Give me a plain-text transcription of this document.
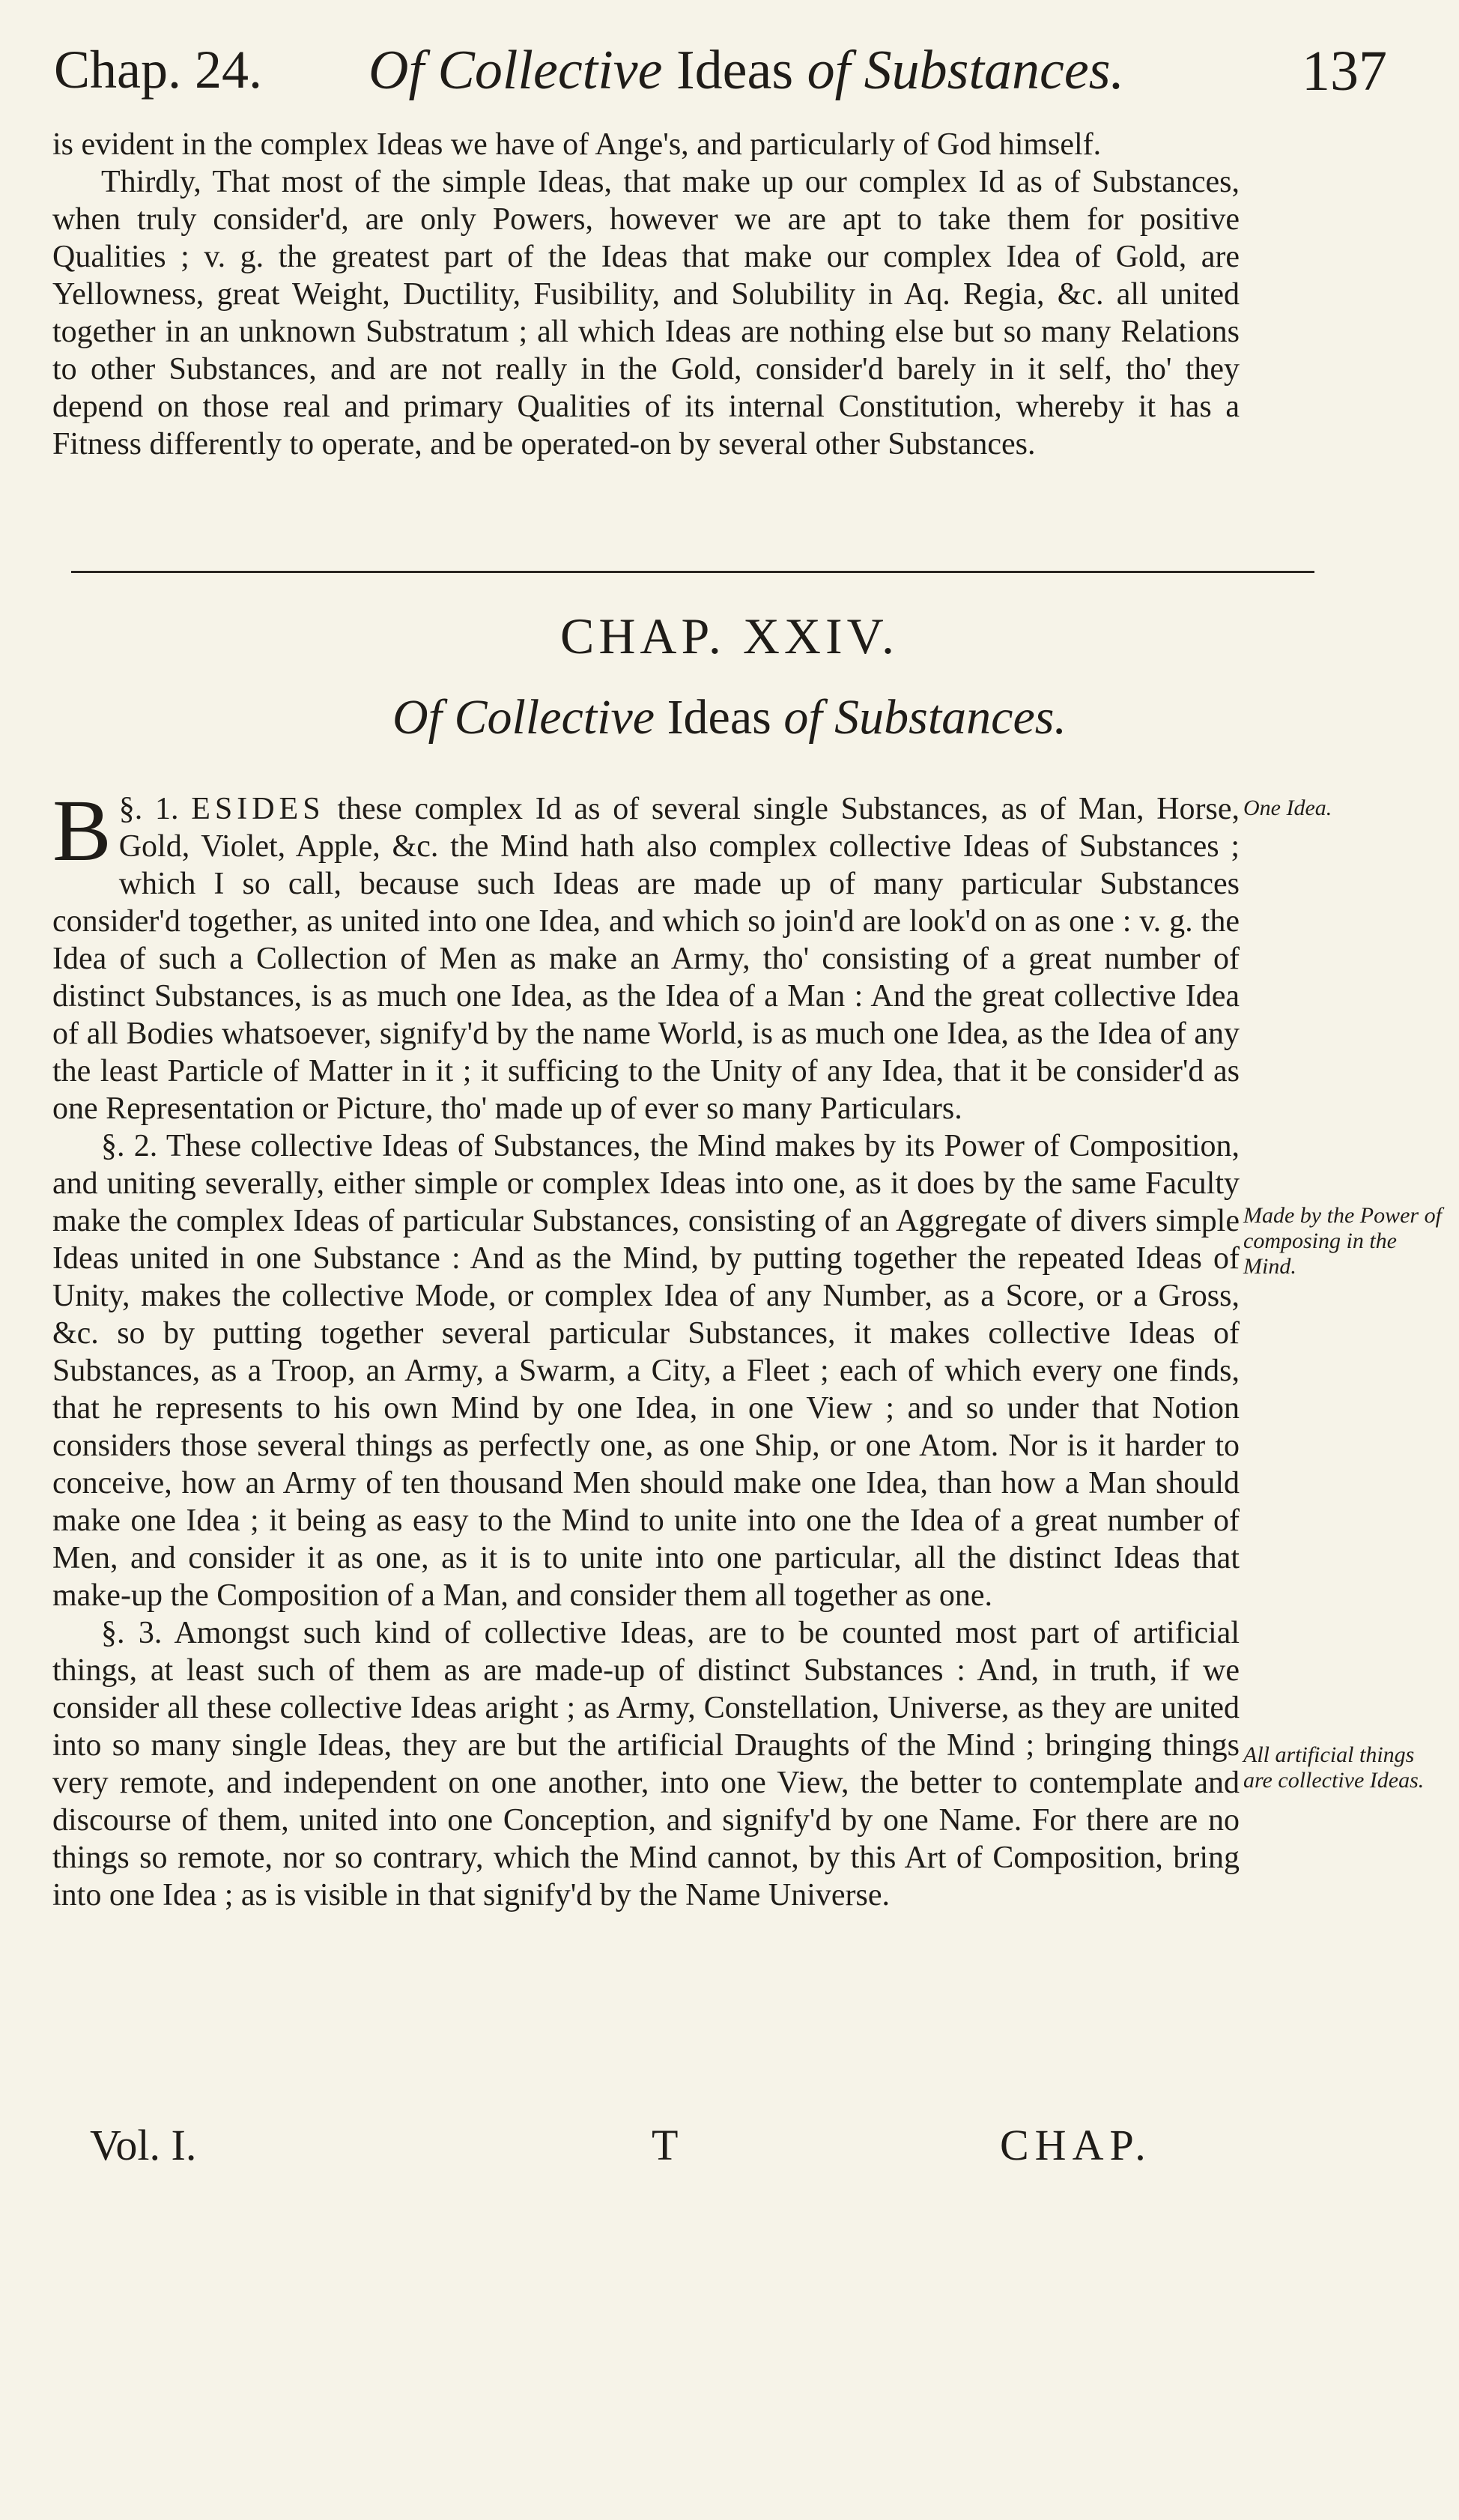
Chap. 24. Of Collective Ideas of Substances.	137

is evident in the complex Ideas we have of Ange's, and particularly of God himself.

Thirdly, That most of the simple Ideas, that make up our complex Id as of Substances, when truly consider'd, are only Powers, however we are apt to take them for positive Qualities ; v. g. the greatest part of the Ideas that make our complex Idea of Gold, are Yellowness, great Weight, Ductility, Fusibility, and Solubility in Aq. Regia, &c. all united together in an unknown Substratum ; all which Ideas are nothing else but so many Relations to other Substances, and are not really in the Gold, consider'd barely in it self, tho' they depend on those real and primary Qualities of its internal Constitution, whereby it has a Fitness differently to operate, and be operated-on by several other Substances.

CHAP. XXIV.
Of Collective Ideas of Substances.

§. 1.
B	ESIDES these complex Id as of several single Substances, as of Man, Horse, Gold, Violet, Apple, &c. the Mind hath also complex collective Ideas of Substances ; which I so call, because such Ideas are made up of many particular Substances consider'd together, as united into one Idea, and which so join'd are look'd on as one : v. g. the Idea of such a Collection of Men as make an Army, tho' consisting of a great number of distinct Substances, is as much one Idea, as the Idea of a Man : And the great collective Idea of all Bodies whatsoever, signify'd by the name World, is as much one Idea, as the Idea of any the least Particle of Matter in it ; it sufficing to the Unity of any Idea, that it be consider'd as one Representation or Picture, tho' made up of ever so many Particulars.

§. 2. These collective Ideas of Substances, the Mind makes by its Power of Composition, and uniting severally, either simple or complex Ideas into one, as it does by the same Faculty make the complex Ideas of particular Substances, consisting of an Aggregate of divers simple Ideas united in one Substance : And as the Mind, by putting together the repeated Ideas of Unity, makes the collective Mode, or complex Idea of any Number, as a Score, or a Gross, &c. so by putting together several particular Substances, it makes collective Ideas of Substances, as a Troop, an Army, a Swarm, a City, a Fleet ; each of which every one finds, that he represents to his own Mind by one Idea, in one View ; and so under that Notion considers those several things as perfectly one, as one Ship, or one Atom. Nor is it harder to conceive, how an Army of ten thousand Men should make one Idea, than how a Man should make one Idea ; it being as easy to the Mind to unite into one the Idea of a great number of Men, and consider it as one, as it is to unite into one particular, all the distinct Ideas that make-up the Composition of a Man, and consider them all together as one.

§. 3. Amongst such kind of collective Ideas, are to be counted most part of artificial things, at least such of them as are made-up of distinct Substances : And, in truth, if we consider all these collective Ideas aright ; as Army, Constellation, Universe, as they are united into so many single Ideas, they are but the artificial Draughts of the Mind ; bringing things very remote, and independent on one another, into one View, the better to contemplate and discourse of them, united into one Conception, and signify'd by one Name. For there are no things so remote, nor so contrary, which the Mind cannot, by this Art of Composition, bring into one Idea ; as is visible in that signify'd by the Name Universe.

One Idea.
Made by the Power of composing in the Mind.
All artificial things are collective Ideas.
Vol. I.	T	CHAP.
